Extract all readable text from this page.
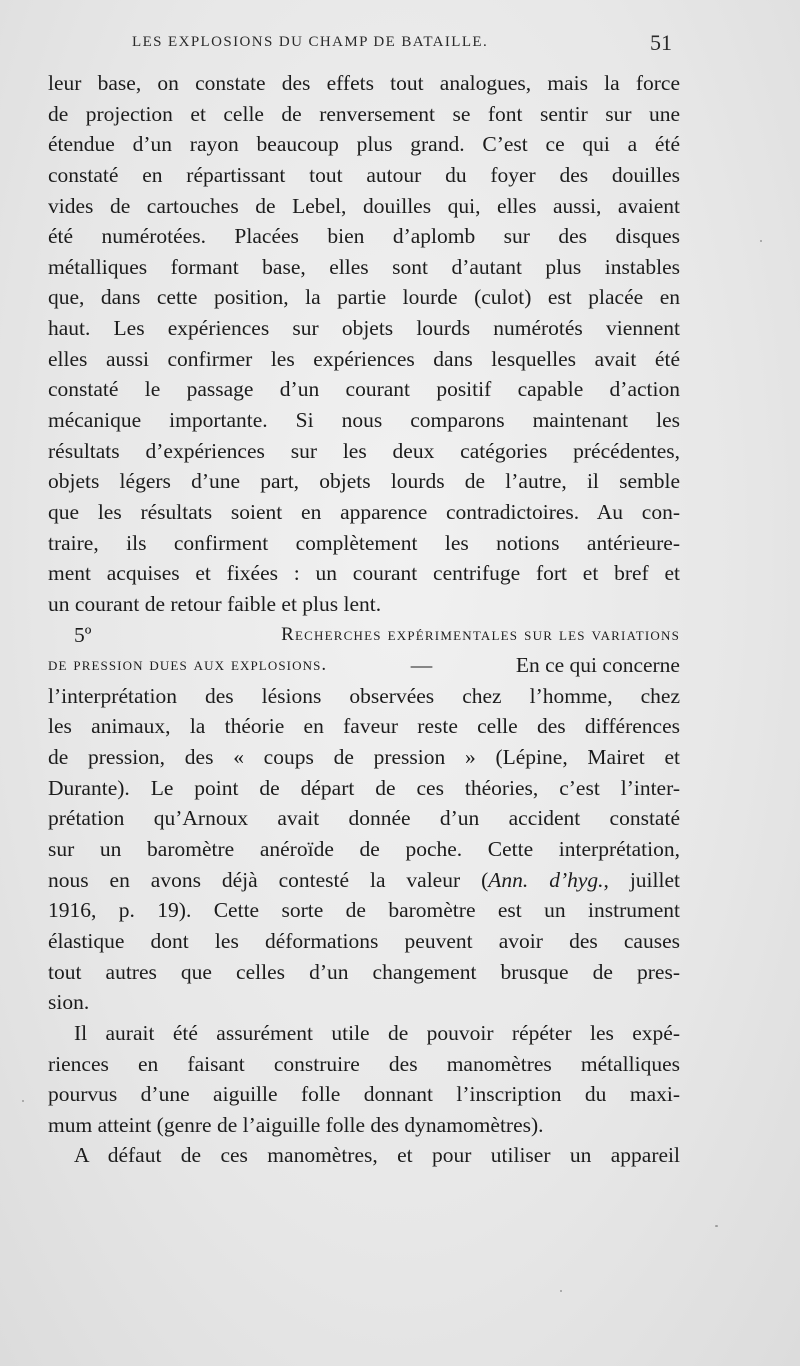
LES EXPLOSIONS DU CHAMP DE BATAILLE.	51
leur base, on constate des effets tout analogues, mais la force
de projection et celle de renversement se font sentir sur une
étendue d’un rayon beaucoup plus grand. C’est ce qui a été
constaté en répartissant tout autour du foyer des douilles
vides de cartouches de Lebel, douilles qui, elles aussi, avaient
été numérotées. Placées bien d’aplomb sur des disques
métalliques formant base, elles sont d’autant plus instables
que, dans cette position, la partie lourde (culot) est placée en
haut. Les expériences sur objets lourds numérotés viennent
elles aussi confirmer les expériences dans lesquelles avait été
constaté le passage d’un courant positif capable d’action
mécanique importante. Si nous comparons maintenant les
résultats d’expériences sur les deux catégories précédentes,
objets légers d’une part, objets lourds de l’autre, il semble
que les résultats soient en apparence contradictoires. Au con-
traire, ils confirment complètement les notions antérieure-
ment acquises et fixées : un courant centrifuge fort et bref et
un courant de retour faible et plus lent.
5º	Recherches expérimentales sur les variations
de pression dues aux explosions.	—	En ce qui concerne
l’interprétation des lésions observées chez l’homme, chez
les animaux, la théorie en faveur reste celle des différences
de pression, des « coups de pression » (Lépine, Mairet et
Durante). Le point de départ de ces théories, c’est l’inter-
prétation qu’Arnoux avait donnée d’un accident constaté
sur un baromètre anéroïde de poche. Cette interprétation,
nous en avons déjà contesté la valeur (Ann. d’hyg., juillet
1916, p. 19). Cette sorte de baromètre est un instrument
élastique dont les déformations peuvent avoir des causes
tout autres que celles d’un changement brusque de pres-
sion.
Il aurait été assurément utile de pouvoir répéter les expé-
riences en faisant construire des manomètres métalliques
pourvus d’une aiguille folle donnant l’inscription du maxi-
mum atteint (genre de l’aiguille folle des dynamomètres).
A défaut de ces manomètres, et pour utiliser un appareil
